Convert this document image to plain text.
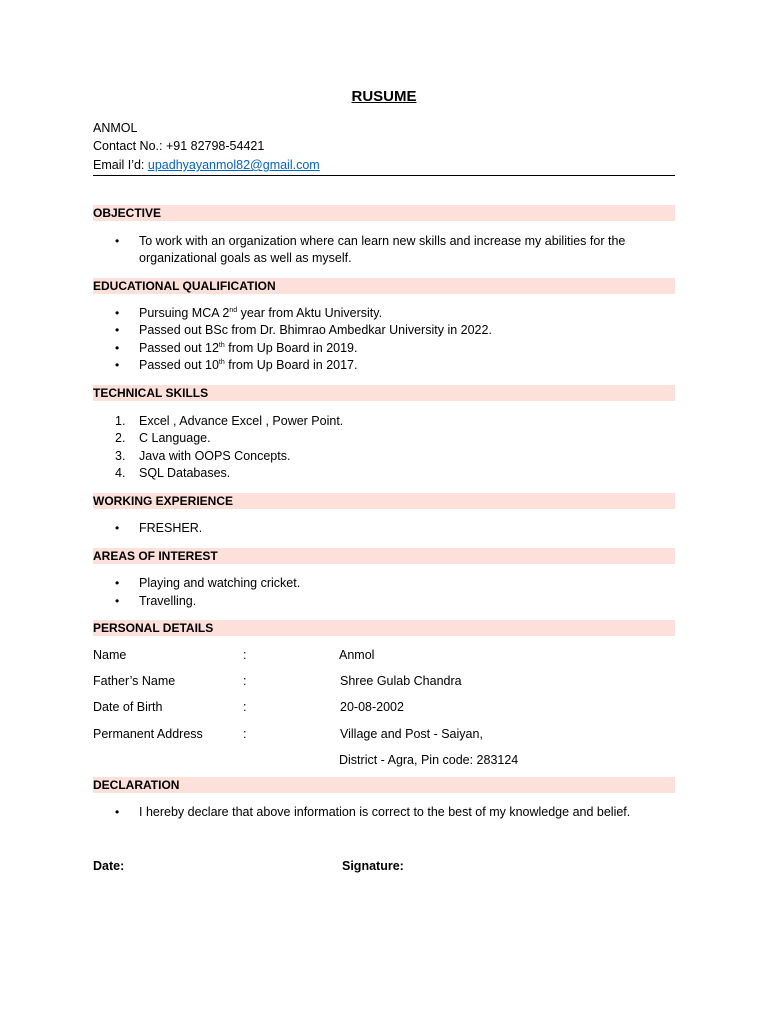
RUSUME
ANMOL
Contact No.: +91 82798-54421
Email I’d: upadhyayanmol82@gmail.com
OBJECTIVE
• To work with an organization where can learn new skills and increase my abilities for the
organizational goals as well as myself.
EDUCATIONAL QUALIFICATION
• Pursuing MCA 2nd year from Aktu University.
• Passed out BSc from Dr. Bhimrao Ambedkar University in 2022.
• Passed out 12th from Up Board in 2019.
• Passed out 10th from Up Board in 2017.
TECHNICAL SKILLS
1. Excel , Advance Excel , Power Point.
2. C Language.
3. Java with OOPS Concepts.
4. SQL Databases.
WORKING EXPERIENCE
• FRESHER.
AREAS OF INTEREST
• Playing and watching cricket.
• Travelling.
PERSONAL DETAILS
Name	:	Anmol
Father’s Name	:	Shree Gulab Chandra
Date of Birth	:	20-08-2002
Permanent Address	:	Village and Post - Saiyan,
District - Agra, Pin code: 283124
DECLARATION
• I hereby declare that above information is correct to the best of my knowledge and belief.
Date:	Signature:
